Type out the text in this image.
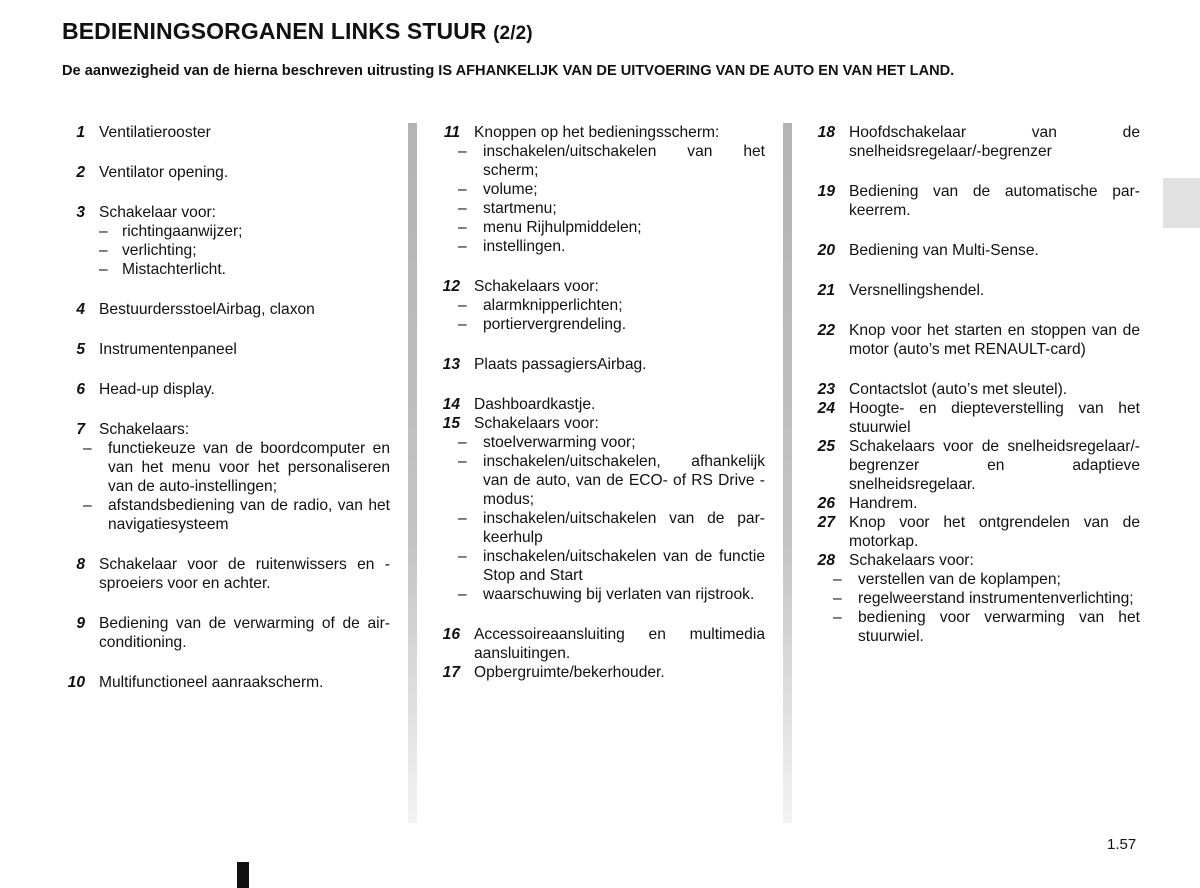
BEDIENINGSORGANEN LINKS STUUR (2/2)

De aanwezigheid van de hierna beschreven uitrusting IS AFHANKELIJK VAN DE UITVOERING VAN DE AUTO EN VAN HET LAND.

1 Ventilatierooster
2 Ventilator opening.
3 Schakelaar voor:
– richtingaanwijzer;
– verlichting;
– Mistachterlicht.
4 BestuurdersstoelAirbag, claxon
5 Instrumentenpaneel
6 Head-up display.
7 Schakelaars:
– functiekeuze van de boordcomputer en van het menu voor het personaliseren van de auto-instellingen;
– afstandsbediening van de radio, van het navigatiesysteem
8 Schakelaar voor de ruitenwissers en -sproeiers voor en achter.
9 Bediening van de verwarming of de airconditioning.
10 Multifunctioneel aanraakscherm.
11 Knoppen op het bedieningsscherm:
– inschakelen/uitschakelen van het scherm;
– volume;
– startmenu;
– menu Rijhulpmiddelen;
– instellingen.
12 Schakelaars voor:
– alarmknipperlichten;
– portiervergrendeling.
13 Plaats passagiersAirbag.
14 Dashboardkastje.
15 Schakelaars voor:
– stoelverwarming voor;
– inschakelen/uitschakelen, afhankelijk van de auto, van de ECO- of RS Drive -modus;
– inschakelen/uitschakelen van de parkeerhulp
– inschakelen/uitschakelen van de functie Stop and Start
– waarschuwing bij verlaten van rijstrook.
16 Accessoireaansluiting en multimedia aansluitingen.
17 Opbergruimte/bekerhouder.
18 Hoofdschakelaar van de snelheidsregelaar/-begrenzer
19 Bediening van de automatische parkeerrem.
20 Bediening van Multi-Sense.
21 Versnellingshendel.
22 Knop voor het starten en stoppen van de motor (auto’s met RENAULT-card)
23 Contactslot (auto’s met sleutel).
24 Hoogte- en diepteverstelling van het stuurwiel
25 Schakelaars voor de snelheidsregelaar/-begrenzer en adaptieve snelheidsregelaar.
26 Handrem.
27 Knop voor het ontgrendelen van de motorkap.
28 Schakelaars voor:
– verstellen van de koplampen;
– regelweerstand instrumentenverlichting;
– bediening voor verwarming van het stuurwiel.
1.57
